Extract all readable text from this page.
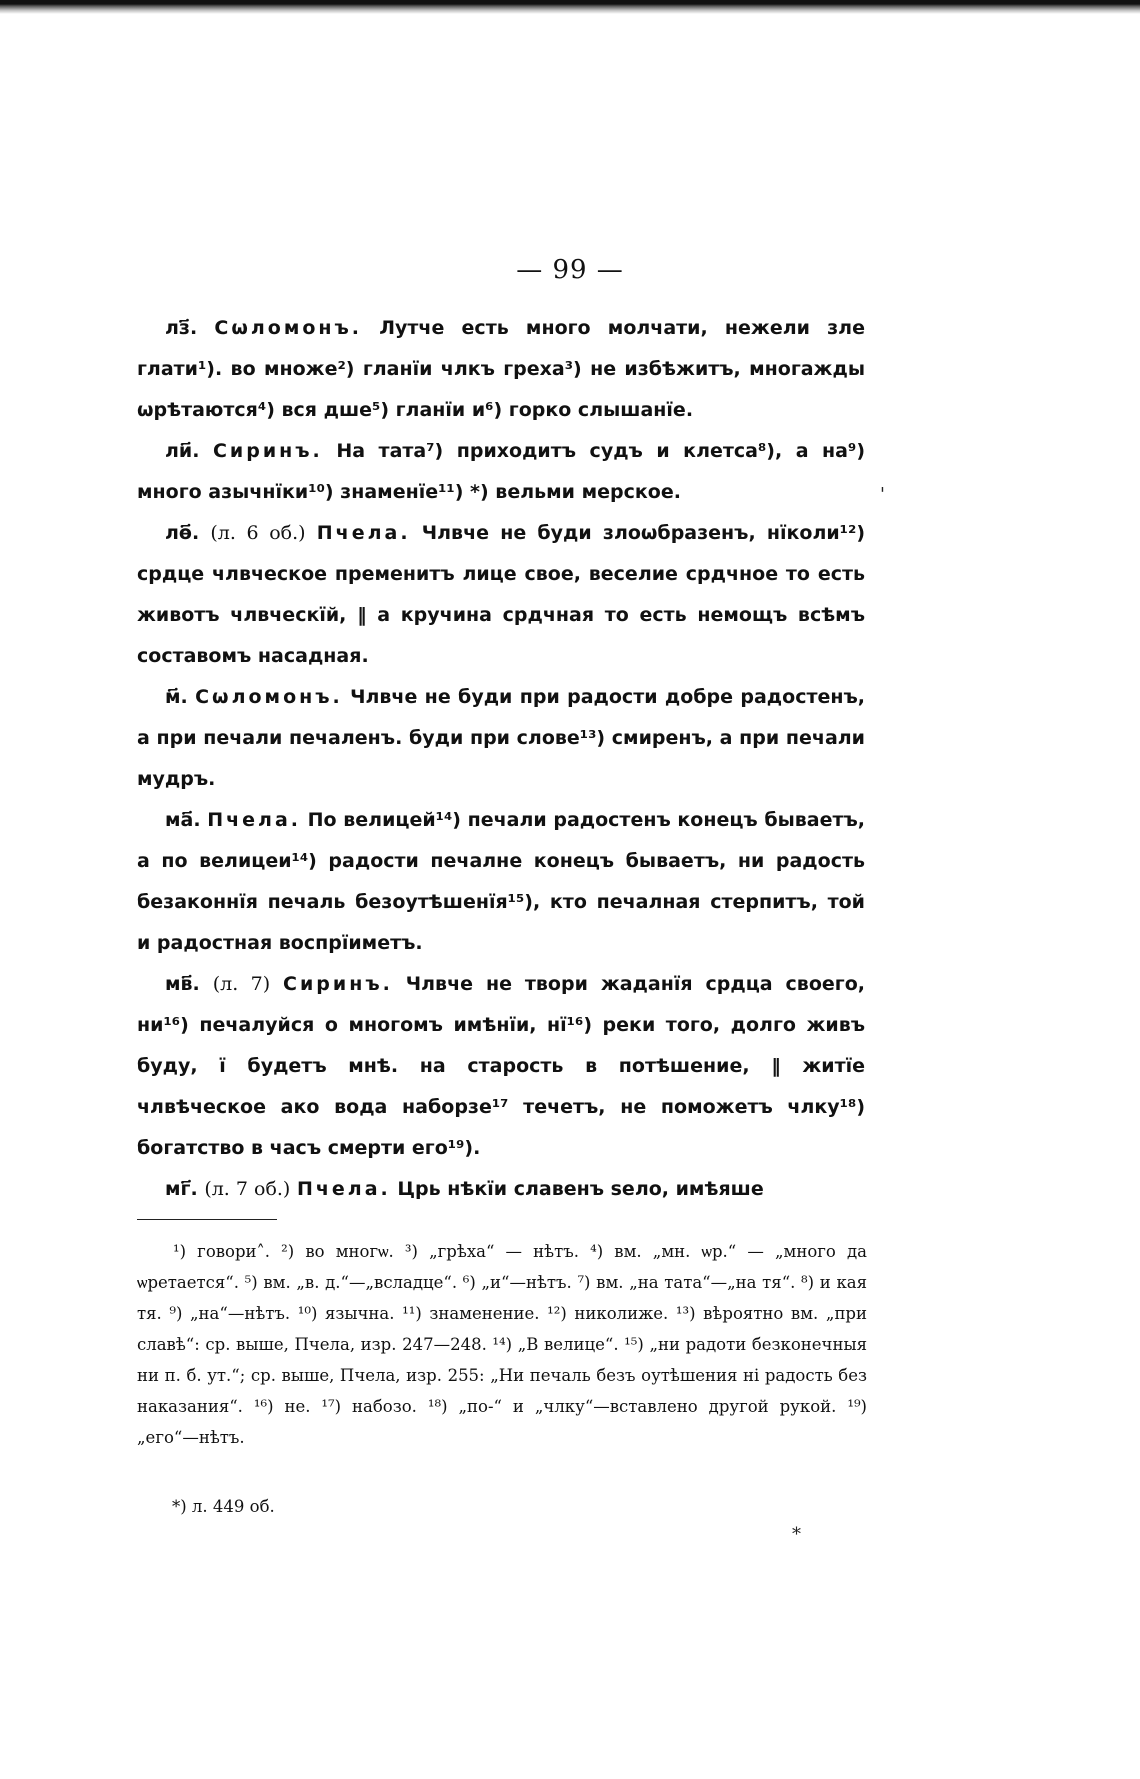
— 99 —

лз҃. Сѡломонъ. Лутче есть много молчати, нежели зле глати¹). во множе²) гланїи члкъ греха³) не избѣжитъ, многажды ѡрѣтаются⁴) вся дше⁵) гланїи и⁶) горко слышанїе.

ли҃. Сиринъ. На тата⁷) приходитъ судъ и клетса⁸), а на⁹) много азычнїки¹⁰) знаменїе¹¹) *) вельми мерское.

лѳ҃. (л. 6 об.) Пчела. Члвче не буди злоѡбразенъ, нїколи¹²) срдце члвческое пременитъ лице свое, веселие срдчное то есть животъ члвческїй, ‖ а кручина срдчная то есть немощъ всѣмъ составомъ насадная.

м҃. Сѡломонъ. Члвче не буди при радости добре радостенъ, а при печали печаленъ. буди при слове¹³) смиренъ, а при печали мудръ.

ма҃. Пчела. По велицей¹⁴) печали радостенъ конецъ бываетъ, а по велицеи¹⁴) радости печалне конецъ бываетъ, ни радость безаконнїя печаль безоутѣшенїя¹⁵), кто печалная стерпитъ, той и радостная воспрїиметъ.

мв҃. (л. 7) Сиринъ. Члвче не твори жаданїя срдца своего, ни¹⁶) печалуйся о многомъ имѣнїи, нї¹⁶) реки того, долго живъ буду, ї будетъ мнѣ. на старость в потѣшение, ‖ житїе члвѣческое ако вода наборзе¹⁷ течетъ, не поможетъ члку¹⁸) богатство в часъ смерти его¹⁹).

мг҃. (л. 7 об.) Пчела. Црь нѣкїи славенъ ѕело, имѣяше

¹) говори˄. ²) во многѡ. ³) „грѣха“ — нѣтъ. ⁴) вм. „мн. ѡр.“ — „много да ѡретается“. ⁵) вм. „в. д.“—„всладце“. ⁶) „и“—нѣтъ. ⁷) вм. „на тата“—„на тя“. ⁸) и кая тя. ⁹) „на“—нѣтъ. ¹⁰) язычна. ¹¹) знаменение. ¹²) николиже. ¹³) вѣроятно вм. „при славѣ“: ср. выше, Пчела, изр. 247—248. ¹⁴) „В велице“. ¹⁵) „ни радоти безконечныя ни п. б. ут.“; ср. выше, Пчела, изр. 255: „Ни печаль безъ оутѣшения нi радость без наказания“. ¹⁶) не. ¹⁷) набозо. ¹⁸) „по-“ и „члку“—вставлено другой рукой. ¹⁹) „его“—нѣтъ.
*) л. 449 об.
'
*
